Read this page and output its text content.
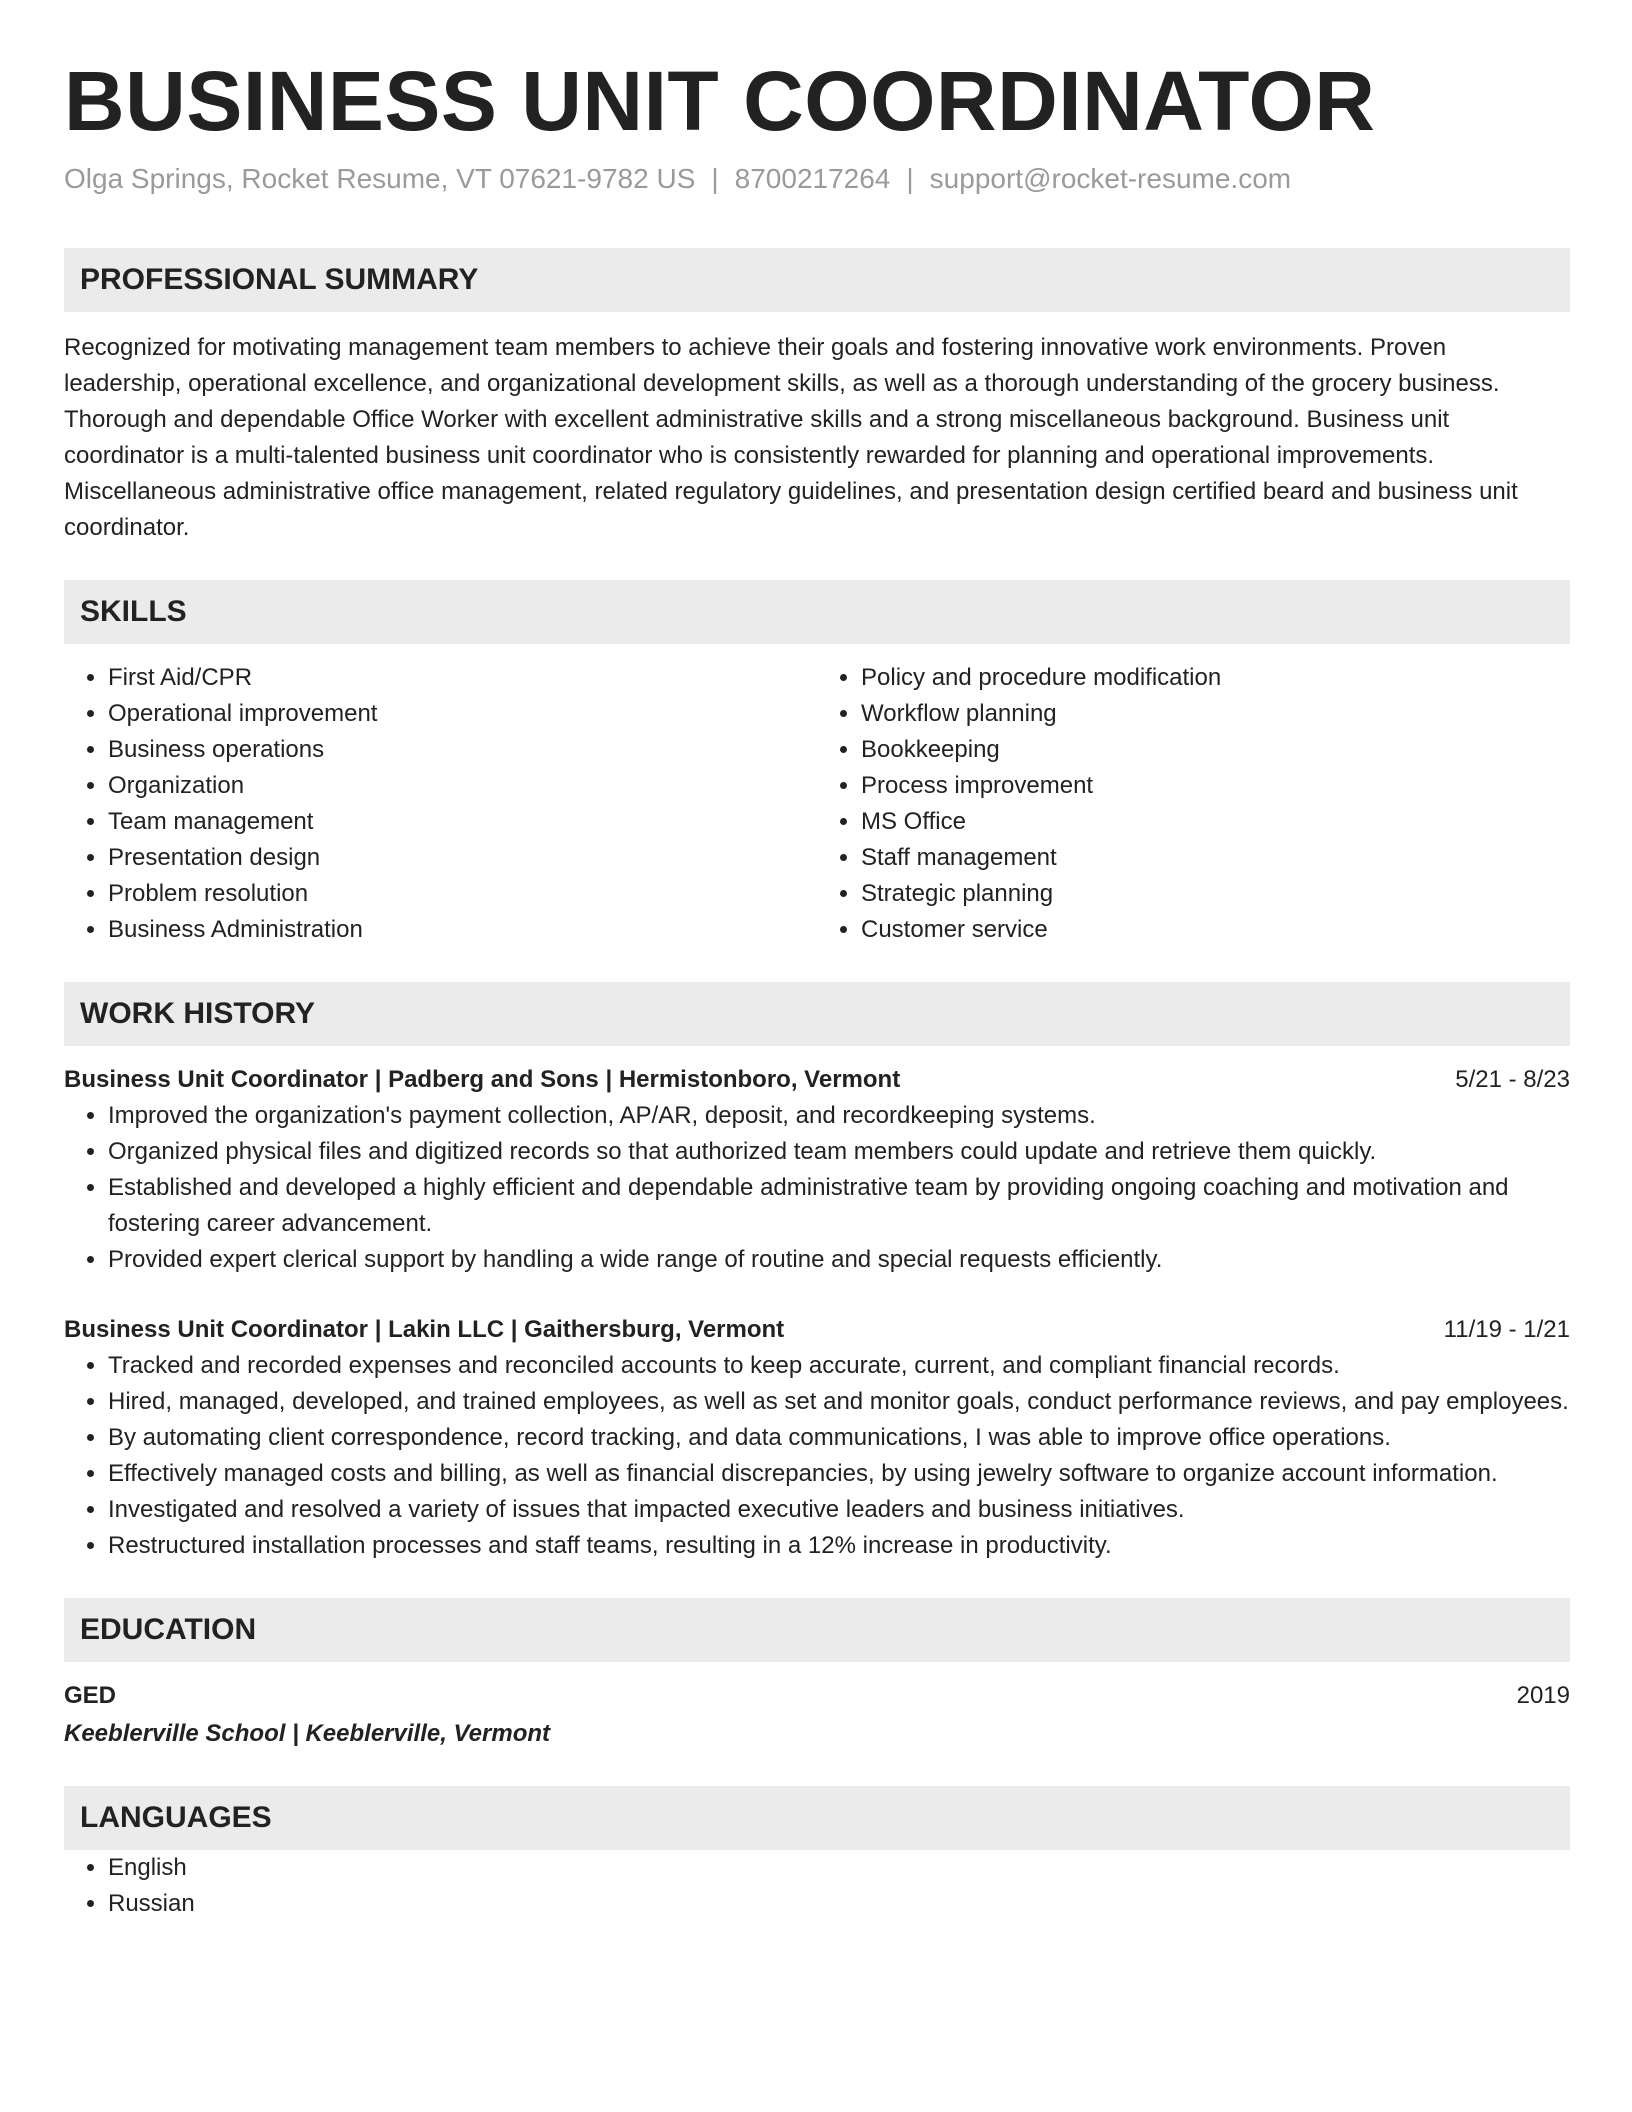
BUSINESS UNIT COORDINATOR
Olga Springs, Rocket Resume, VT 07621-9782 US | 8700217264 | support@rocket-resume.com
PROFESSIONAL SUMMARY
Recognized for motivating management team members to achieve their goals and fostering innovative work environments. Proven leadership, operational excellence, and organizational development skills, as well as a thorough understanding of the grocery business. Thorough and dependable Office Worker with excellent administrative skills and a strong miscellaneous background. Business unit coordinator is a multi-talented business unit coordinator who is consistently rewarded for planning and operational improvements. Miscellaneous administrative office management, related regulatory guidelines, and presentation design certified beard and business unit coordinator.
SKILLS
• First Aid/CPR
• Operational improvement
• Business operations
• Organization
• Team management
• Presentation design
• Problem resolution
• Business Administration
• Policy and procedure modification
• Workflow planning
• Bookkeeping
• Process improvement
• MS Office
• Staff management
• Strategic planning
• Customer service
WORK HISTORY
Business Unit Coordinator | Padberg and Sons | Hermistonboro, Vermont	5/21 - 8/23
• Improved the organization's payment collection, AP/AR, deposit, and recordkeeping systems.
• Organized physical files and digitized records so that authorized team members could update and retrieve them quickly.
• Established and developed a highly efficient and dependable administrative team by providing ongoing coaching and motivation and fostering career advancement.
• Provided expert clerical support by handling a wide range of routine and special requests efficiently.
Business Unit Coordinator | Lakin LLC | Gaithersburg, Vermont	11/19 - 1/21
• Tracked and recorded expenses and reconciled accounts to keep accurate, current, and compliant financial records.
• Hired, managed, developed, and trained employees, as well as set and monitor goals, conduct performance reviews, and pay employees.
• By automating client correspondence, record tracking, and data communications, I was able to improve office operations.
• Effectively managed costs and billing, as well as financial discrepancies, by using jewelry software to organize account information.
• Investigated and resolved a variety of issues that impacted executive leaders and business initiatives.
• Restructured installation processes and staff teams, resulting in a 12% increase in productivity.
EDUCATION
GED	2019
Keeblerville School | Keeblerville, Vermont
LANGUAGES
• English
• Russian
